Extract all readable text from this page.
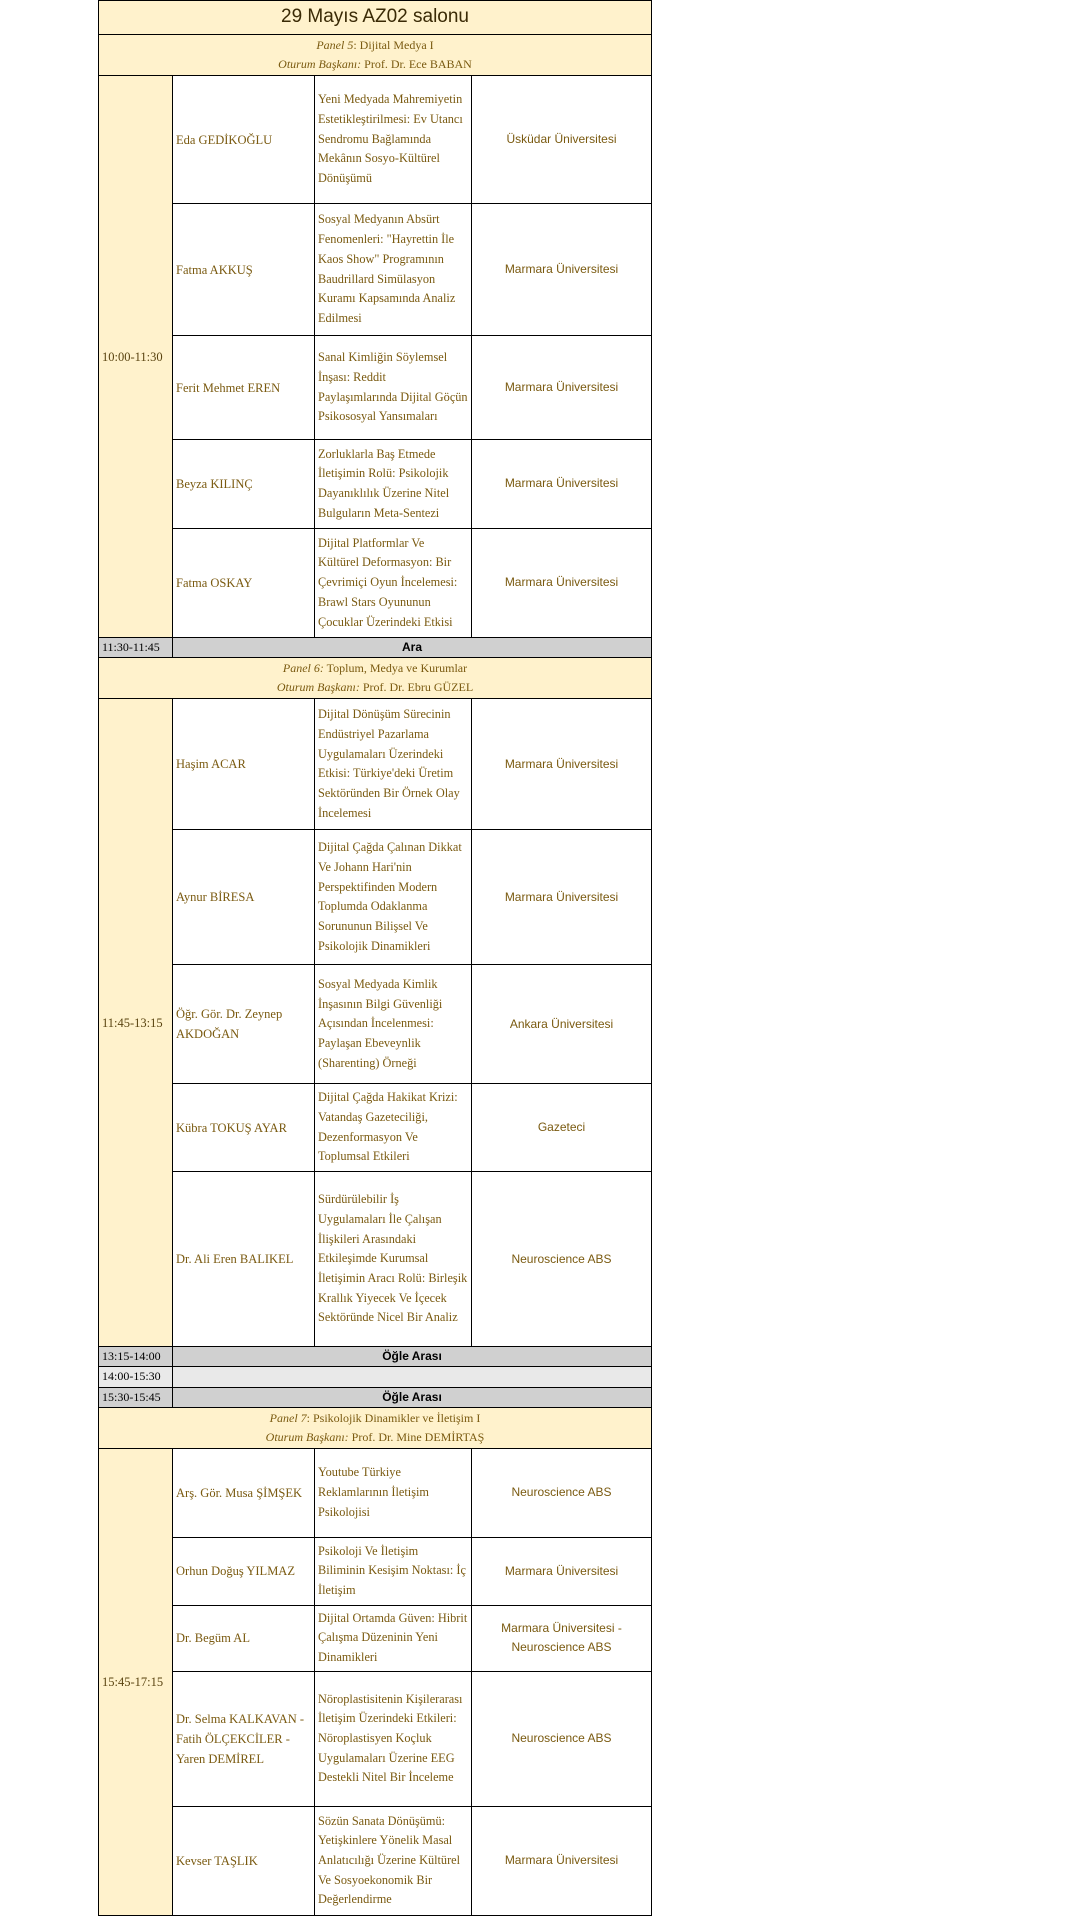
29 Mayıs AZ02 salonu			
Panel 5: Dijital Medya I
Oturum Başkanı: Prof. Dr. Ece BABAN			
10:00-11:30	Eda GEDİKOĞLU	Yeni Medyada Mahremiyetin Estetikleştirilmesi: Ev Utancı Sendromu Bağlamında Mekânın Sosyo-Kültürel Dönüşümü	Üsküdar Üniversitesi
	Fatma AKKUŞ	Sosyal Medyanın Absürt Fenomenleri: "Hayrettin İle Kaos Show" Programının Baudrillard Simülasyon Kuramı Kapsamında Analiz Edilmesi	Marmara Üniversitesi
	Ferit Mehmet EREN	Sanal Kimliğin Söylemsel İnşası: Reddit Paylaşımlarında Dijital Göçün Psikososyal Yansımaları	Marmara Üniversitesi
	Beyza KILINÇ	Zorluklarla Baş Etmede İletişimin Rolü: Psikolojik Dayanıklılık Üzerine Nitel Bulguların Meta-Sentezi	Marmara Üniversitesi
	Fatma OSKAY	Dijital Platformlar Ve Kültürel Deformasyon: Bir Çevrimiçi Oyun İncelemesi: Brawl Stars Oyununun Çocuklar Üzerindeki Etkisi	Marmara Üniversitesi
11:30-11:45	Ara		
Panel 6: Toplum, Medya ve Kurumlar
Oturum Başkanı: Prof. Dr. Ebru GÜZEL			
11:45-13:15	Haşim ACAR	Dijital Dönüşüm Sürecinin Endüstriyel Pazarlama Uygulamaları Üzerindeki Etkisi: Türkiye'deki Üretim Sektöründen Bir Örnek Olay İncelemesi	Marmara Üniversitesi
	Aynur BİRESA	Dijital Çağda Çalınan Dikkat Ve Johann Hari'nin Perspektifinden Modern Toplumda Odaklanma Sorununun Bilişsel Ve Psikolojik Dinamikleri	Marmara Üniversitesi
	Öğr. Gör. Dr. Zeynep AKDOĞAN	Sosyal Medyada Kimlik İnşasının Bilgi Güvenliği Açısından İncelenmesi: Paylaşan Ebeveynlik (Sharenting) Örneği	Ankara Üniversitesi
	Kübra TOKUŞ AYAR	Dijital Çağda Hakikat Krizi: Vatandaş Gazeteciliği, Dezenformasyon Ve Toplumsal Etkileri	Gazeteci
	Dr. Ali Eren BALIKEL	Sürdürülebilir İş Uygulamaları İle Çalışan İlişkileri Arasındaki Etkileşimde Kurumsal İletişimin Aracı Rolü: Birleşik Krallık Yiyecek Ve İçecek Sektöründe Nicel Bir Analiz	Neuroscience ABS
13:15-14:00	Öğle Arası		
14:00-15:30			
15:30-15:45	Öğle Arası		
Panel 7: Psikolojik Dinamikler ve İletişim I
Oturum Başkanı: Prof. Dr. Mine DEMİRTAŞ			
15:45-17:15	Arş. Gör. Musa ŞİMŞEK	Youtube Türkiye Reklamlarının İletişim Psikolojisi	Neuroscience ABS
	Orhun Doğuş YILMAZ	Psikoloji Ve İletişim Biliminin Kesişim Noktası: İç İletişim	Marmara Üniversitesi
	Dr. Begüm AL	Dijital Ortamda Güven: Hibrit Çalışma Düzeninin Yeni Dinamikleri	Marmara Üniversitesi - Neuroscience ABS
	Dr. Selma KALKAVAN - Fatih ÖLÇEKCİLER - Yaren DEMİREL	Nöroplastisitenin Kişilerarası İletişim Üzerindeki Etkileri: Nöroplastisyen Koçluk Uygulamaları Üzerine EEG Destekli Nitel Bir İnceleme	Neuroscience ABS
	Kevser TAŞLIK	Sözün Sanata Dönüşümü: Yetişkinlere Yönelik Masal Anlatıcılığı Üzerine Kültürel Ve Sosyoekonomik Bir Değerlendirme	Marmara Üniversitesi
